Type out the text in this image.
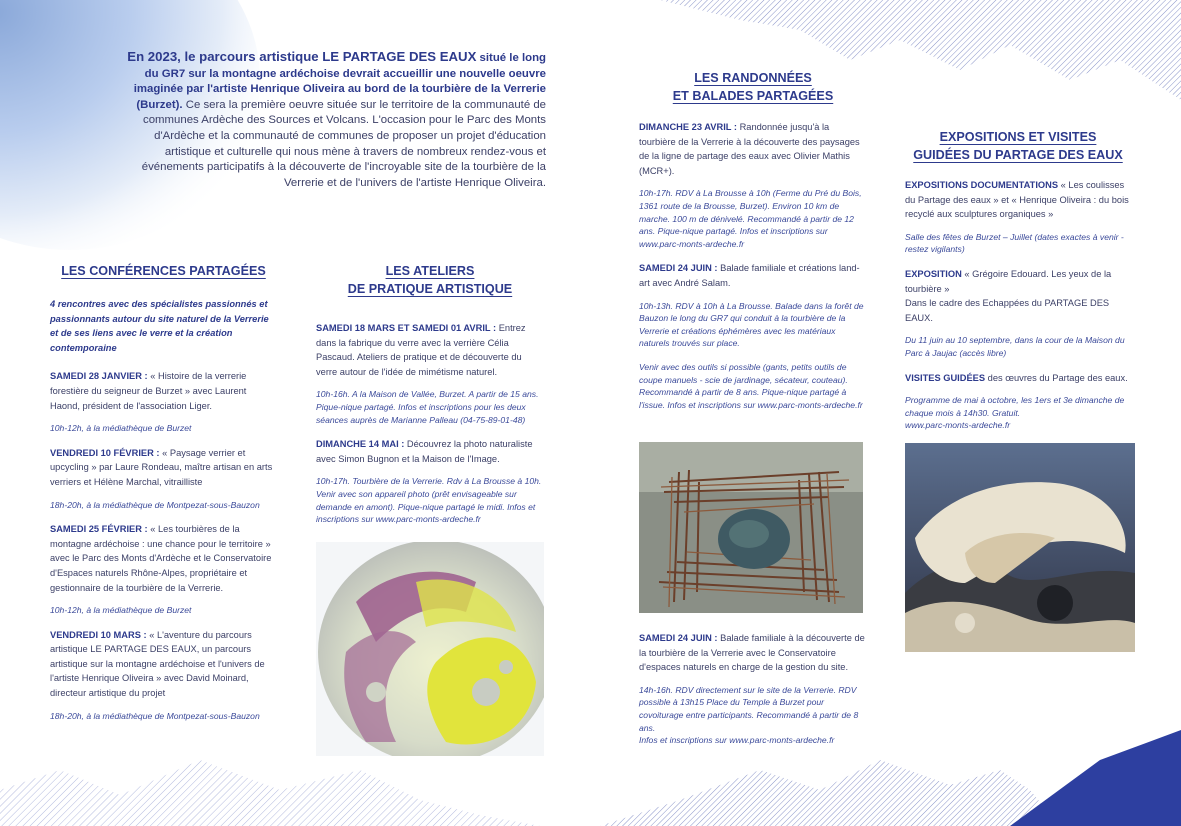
En 2023, le parcours artistique LE PARTAGE DES EAUX situé le long du GR7 sur la montagne ardéchoise devrait accueillir une nouvelle oeuvre imaginée par l'artiste Henrique Oliveira au bord de la tourbière de la Verrerie (Burzet). Ce sera la première oeuvre située sur le territoire de la communauté de communes Ardèche des Sources et Volcans. L'occasion pour le Parc des Monts d'Ardèche et la communauté de communes de proposer un projet d'éducation artistique et culturelle qui nous mène à travers de nombreux rendez-vous et événements participatifs à la découverte de l'incroyable site de la tourbière de la Verrerie et de l'univers de l'artiste Henrique Oliveira.
LES CONFÉRENCES PARTAGÉES
4 rencontres avec des spécialistes passionnés et passionnants autour du site naturel de la Verrerie et de ses liens avec le verre et la création contemporaine
SAMEDI 28 JANVIER : « Histoire de la verrerie forestière du seigneur de Burzet » avec Laurent Haond, président de l'association Liger.
10h-12h, à la médiathèque de Burzet
VENDREDI 10 FÉVRIER : « Paysage verrier et upcycling » par Laure Rondeau, maître artisan en arts verriers et Hélène Marchal, vitrailliste
18h-20h, à la médiathèque de Montpezat-sous-Bauzon
SAMEDI 25 FÉVRIER : « Les tourbières de la montagne ardéchoise : une chance pour le territoire » avec le Parc des Monts d'Ardèche et le Conservatoire d'Espaces naturels Rhône-Alpes, propriétaire et gestionnaire de la tourbière de la Verrerie.
10h-12h, à la médiathèque de Burzet
VENDREDI 10 MARS : « L'aventure du parcours artistique LE PARTAGE DES EAUX, un parcours artistique sur la montagne ardéchoise et l'univers de l'artiste Henrique Oliveira » avec David Moinard, directeur artistique du projet
18h-20h, à la médiathèque de Montpezat-sous-Bauzon
LES ATELIERS
DE PRATIQUE ARTISTIQUE
SAMEDI 18 MARS ET SAMEDI 01 AVRIL : Entrez dans la fabrique du verre avec la verrière Célia Pascaud. Ateliers de pratique et de découverte du verre autour de l'idée de mimétisme naturel.
10h-16h. A la Maison de Vallée, Burzet. A partir de 15 ans. Pique-nique partagé. Infos et inscriptions pour les deux séances auprès de Marianne Palleau (04-75-89-01-48)
DIMANCHE 14 MAI : Découvrez la photo naturaliste avec Simon Bugnon et la Maison de l'Image.
10h-17h. Tourbière de la Verrerie. Rdv à La Brousse à 10h. Venir avec son appareil photo (prêt envisageable sur demande en amont). Pique-nique partagé le midi. Infos et inscriptions sur www.parc-monts-ardeche.fr
LES RANDONNÉES
ET BALADES PARTAGÉES
DIMANCHE 23 AVRIL : Randonnée jusqu'à la tourbière de la Verrerie à la découverte des paysages de la ligne de partage des eaux avec Olivier Mathis (MCR+).
10h-17h. RDV à La Brousse à 10h (Ferme du Pré du Bois, 1361 route de la Brousse, Burzet). Environ 10 km de marche. 100 m de dénivelé. Recommandé à partir de 12 ans. Pique-nique partagé. Infos et inscriptions sur www.parc-monts-ardeche.fr
SAMEDI 24 JUIN : Balade familiale et créations land-art avec André Salam.
10h-13h. RDV à 10h à La Brousse. Balade dans la forêt de Bauzon le long du GR7 qui conduit à la tourbière de la Verrerie et créations éphémères avec les matériaux naturels trouvés sur place.
Venir avec des outils si possible (gants, petits outils de coupe manuels - scie de jardinage, sécateur, couteau). Recommandé à partir de 8 ans. Pique-nique partagé à l'issue. Infos et inscriptions sur www.parc-monts-ardeche.fr
SAMEDI 24 JUIN : Balade familiale à la découverte de la tourbière de la Verrerie avec le Conservatoire d'espaces naturels en charge de la gestion du site.
14h-16h. RDV directement sur le site de la Verrerie. RDV possible à 13h15 Place du Temple à Burzet pour covoiturage entre participants. Recommandé à partir de 8 ans.
Infos et inscriptions sur www.parc-monts-ardeche.fr
EXPOSITIONS ET VISITES
GUIDÉES DU PARTAGE DES EAUX
EXPOSITIONS DOCUMENTATIONS « Les coulisses du Partage des eaux » et « Henrique Oliveira : du bois recyclé aux sculptures organiques »
Salle des fêtes de Burzet – Juillet (dates exactes à venir - restez vigilants)
EXPOSITION « Grégoire Edouard. Les yeux de la tourbière »
Dans le cadre des Echappées du PARTAGE DES EAUX.
Du 11 juin au 10 septembre, dans la cour de la Maison du Parc à Jaujac (accès libre)
VISITES GUIDÉES des œuvres du Partage des eaux.
Programme de mai à octobre, les 1ers et 3e dimanche de chaque mois à 14h30. Gratuit.
www.parc-monts-ardeche.fr
